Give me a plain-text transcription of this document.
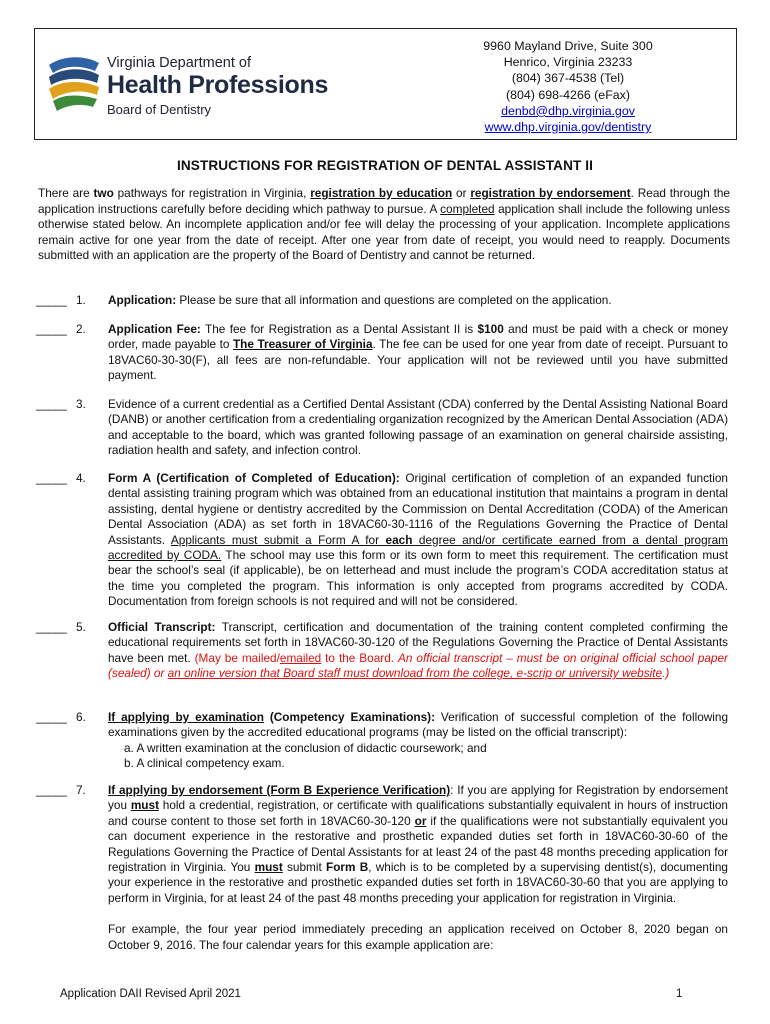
Virginia Department of
Health Professions
Board of Dentistry
9960 Mayland Drive, Suite 300
Henrico, Virginia 23233
(804) 367-4538 (Tel)
(804) 698-4266 (eFax)
denbd@dhp.virginia.gov
www.dhp.virginia.gov/dentistry
INSTRUCTIONS FOR REGISTRATION OF DENTAL ASSISTANT II
There are two pathways for registration in Virginia, registration by education or registration by endorsement. Read through the application instructions carefully before deciding which pathway to pursue. A completed application shall include the following unless otherwise stated below. An incomplete application and/or fee will delay the processing of your application. Incomplete applications remain active for one year from the date of receipt. After one year from date of receipt, you would need to reapply. Documents submitted with an application are the property of the Board of Dentistry and cannot be returned.
_____ 1.	Application: Please be sure that all information and questions are completed on the application.
_____ 2.	Application Fee: The fee for Registration as a Dental Assistant II is $100 and must be paid with a check or money order, made payable to The Treasurer of Virginia. The fee can be used for one year from date of receipt. Pursuant to 18VAC60-30-30(F), all fees are non-refundable. Your application will not be reviewed until you have submitted payment.
_____ 3.	Evidence of a current credential as a Certified Dental Assistant (CDA) conferred by the Dental Assisting National Board (DANB) or another certification from a credentialing organization recognized by the American Dental Association (ADA) and acceptable to the board, which was granted following passage of an examination on general chairside assisting, radiation health and safety, and infection control.
_____ 4.	Form A (Certification of Completed of Education): Original certification of completion of an expanded function dental assisting training program which was obtained from an educational institution that maintains a program in dental assisting, dental hygiene or dentistry accredited by the Commission on Dental Accreditation (CODA) of the American Dental Association (ADA) as set forth in 18VAC60-30-1116 of the Regulations Governing the Practice of Dental Assistants. Applicants must submit a Form A for each degree and/or certificate earned from a dental program accredited by CODA. The school may use this form or its own form to meet this requirement. The certification must bear the school’s seal (if applicable), be on letterhead and must include the program’s CODA accreditation status at the time you completed the program. This information is only accepted from programs accredited by CODA. Documentation from foreign schools is not required and will not be considered.
_____ 5.	Official Transcript: Transcript, certification and documentation of the training content completed confirming the educational requirements set forth in 18VAC60-30-120 of the Regulations Governing the Practice of Dental Assistants have been met. (May be mailed/emailed to the Board. An official transcript – must be on original official school paper (sealed) or an online version that Board staff must download from the college, e-scrip or university website.)
_____ 6.	If applying by examination (Competency Examinations): Verification of successful completion of the following examinations given by the accredited educational programs (may be listed on the official transcript):
a. A written examination at the conclusion of didactic coursework; and
b. A clinical competency exam.
_____ 7.	If applying by endorsement (Form B Experience Verification): If you are applying for Registration by endorsement you must hold a credential, registration, or certificate with qualifications substantially equivalent in hours of instruction and course content to those set forth in 18VAC60-30-120 or if the qualifications were not substantially equivalent you can document experience in the restorative and prosthetic expanded duties set forth in 18VAC60-30-60 of the Regulations Governing the Practice of Dental Assistants for at least 24 of the past 48 months preceding application for registration in Virginia. You must submit Form B, which is to be completed by a supervising dentist(s), documenting your experience in the restorative and prosthetic expanded duties set forth in 18VAC60-30-60 that you are applying to perform in Virginia, for at least 24 of the past 48 months preceding your application for registration in Virginia.
For example, the four year period immediately preceding an application received on October 8, 2020 began on October 9, 2016. The four calendar years for this example application are:
Application DAII Revised April 2021	1
